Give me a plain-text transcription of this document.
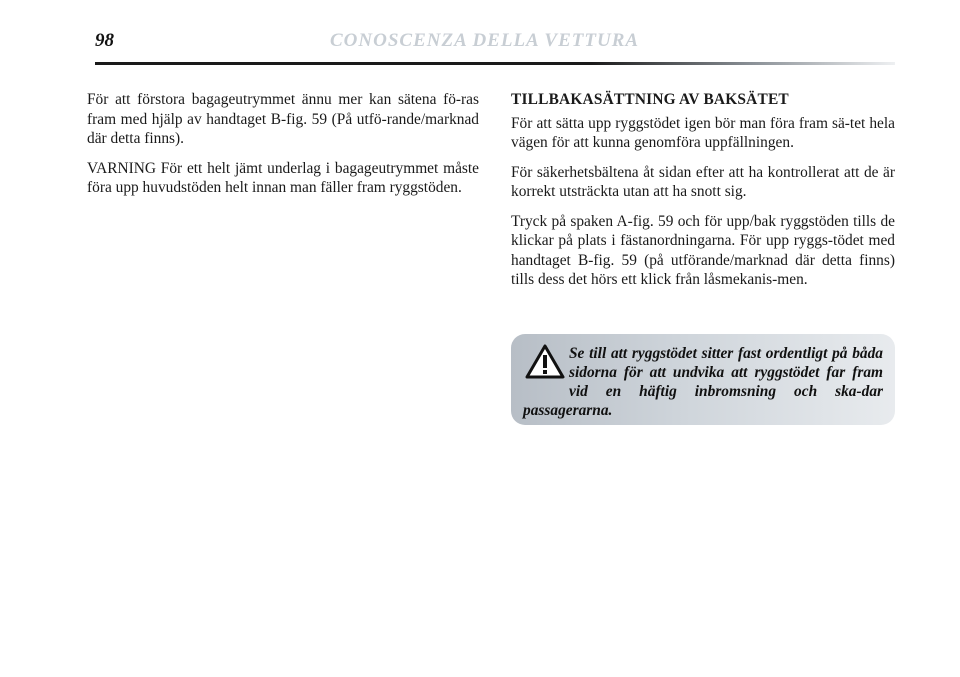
98	CONOSCENZA DELLA VETTURA

För att förstora bagageutrymmet ännu mer kan sätena fö-ras fram med hjälp av handtaget B-fig. 59 (På utfö-rande/marknad där detta finns).

VARNING För ett helt jämt underlag i bagageutrymmet måste föra upp huvudstöden helt innan man fäller fram ryggstöden.

TILLBAKASÄTTNING AV BAKSÄTET

För att sätta upp ryggstödet igen bör man föra fram sä-tet hela vägen för att kunna genomföra uppfällningen.

För säkerhetsbältena åt sidan efter att ha kontrollerat att de är korrekt utsträckta utan att ha snott sig.

Tryck på spaken A-fig. 59 och för upp/bak ryggstöden tills de klickar på plats i fästanordningarna. För upp ryggs-tödet med handtaget B-fig. 59 (på utförande/marknad där detta finns) tills dess det hörs ett klick från låsmekanis-men.

Se till att ryggstödet sitter fast ordentligt på båda sidorna för att undvika att ryggstödet far fram vid en häftig inbromsning och ska-dar passagerarna.
